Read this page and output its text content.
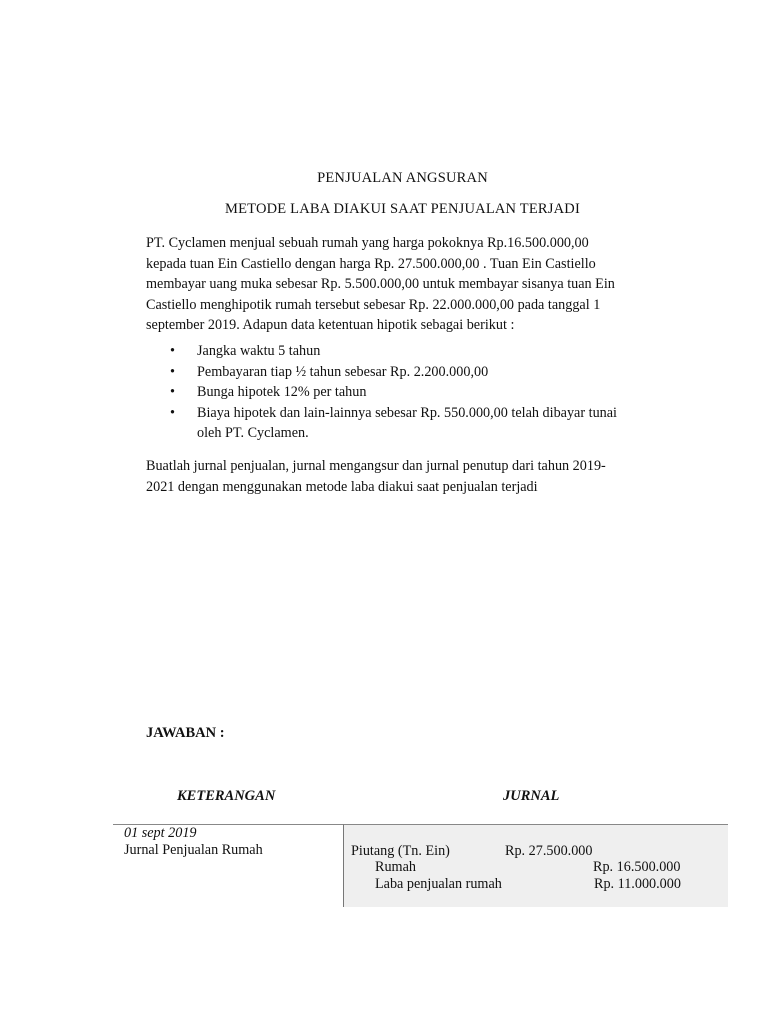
PENJUALAN ANGSURAN
METODE LABA DIAKUI SAAT PENJUALAN TERJADI
PT. Cyclamen menjual sebuah rumah yang harga pokoknya Rp.16.500.000,00
kepada tuan Ein Castiello dengan harga Rp. 27.500.000,00 . Tuan Ein Castiello
membayar uang muka sebesar Rp. 5.500.000,00 untuk membayar sisanya tuan Ein
Castiello menghipotik rumah tersebut sebesar Rp. 22.000.000,00 pada tanggal 1
september 2019. Adapun data ketentuan hipotik sebagai berikut :
• Jangka waktu 5 tahun
• Pembayaran tiap ½ tahun sebesar Rp. 2.200.000,00
• Bunga hipotek 12% per tahun
• Biaya hipotek dan lain-lainnya sebesar Rp. 550.000,00 telah dibayar tunai
oleh PT. Cyclamen.
Buatlah jurnal penjualan, jurnal mengangsur dan jurnal penutup dari tahun 2019-
2021 dengan menggunakan metode laba diakui saat penjualan terjadi
JAWABAN :
KETERANGAN	JURNAL
01 sept 2019
Jurnal Penjualan Rumah	Piutang (Tn. Ein)	Rp. 27.500.000
Rumah	Rp. 16.500.000
Laba penjualan rumah	Rp. 11.000.000
